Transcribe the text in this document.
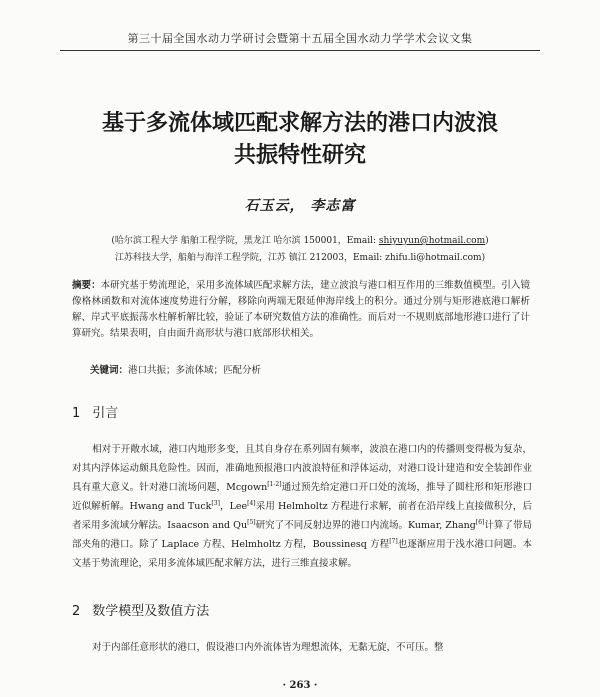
第三十届全国水动力学研讨会暨第十五届全国水动力学学术会议文集
基于多流体域匹配求解方法的港口内波浪
共振特性研究
石玉云， 李志富
(哈尔滨工程大学 船舶工程学院，黑龙江 哈尔滨 150001，Email: shiyuyun@hotmail.com)
江苏科技大学，船舶与海洋工程学院，江苏 镇江 212003，Email: zhifu.li@hotmail.com)
摘要：本研究基于势流理论，采用多流体域匹配求解方法，建立波浪与港口相互作用的三维数值模型。引入镜像格林函数和对流体速度势进行分解，移除向两端无限延伸海岸线上的积分。通过分别与矩形港底港口解析解、岸式平底振荡水柱解析解比较，验证了本研究数值方法的准确性。而后对一不规则底部地形港口进行了计算研究。结果表明，自由面升高形状与港口底部形状相关。
关键词：港口共振；多流体域；匹配分析
1 引言
相对于开敞水域，港口内地形多变，且其自身存在系列固有频率，波浪在港口内的传播则变得极为复杂，对其内浮体运动颇具危险性。因而，准确地预报港口内波浪特征和浮体运动，对港口设计建造和安全装卸作业具有重大意义。针对港口流场问题，Mcgown[1-2]通过预先给定港口开口处的流场，推导了圆柱形和矩形港口近似解析解。Hwang and Tuck[3]，Lee[4]采用 Helmholtz 方程进行求解，前者在沿岸线上直接做积分，后者采用多流域分解法。Isaacson and Qu[5]研究了不同反射边界的港口内流场。Kumar, Zhang[6]计算了带局部夹角的港口。除了 Laplace 方程、Helmholtz 方程，Boussinesq 方程[7]也逐渐应用于浅水港口问题。本文基于势流理论，采用多流体域匹配求解方法，进行三维直接求解。
2 数学模型及数值方法
对于内部任意形状的港口，假设港口内外流体皆为理想流体，无黏无旋，不可压。整
· 263 ·
